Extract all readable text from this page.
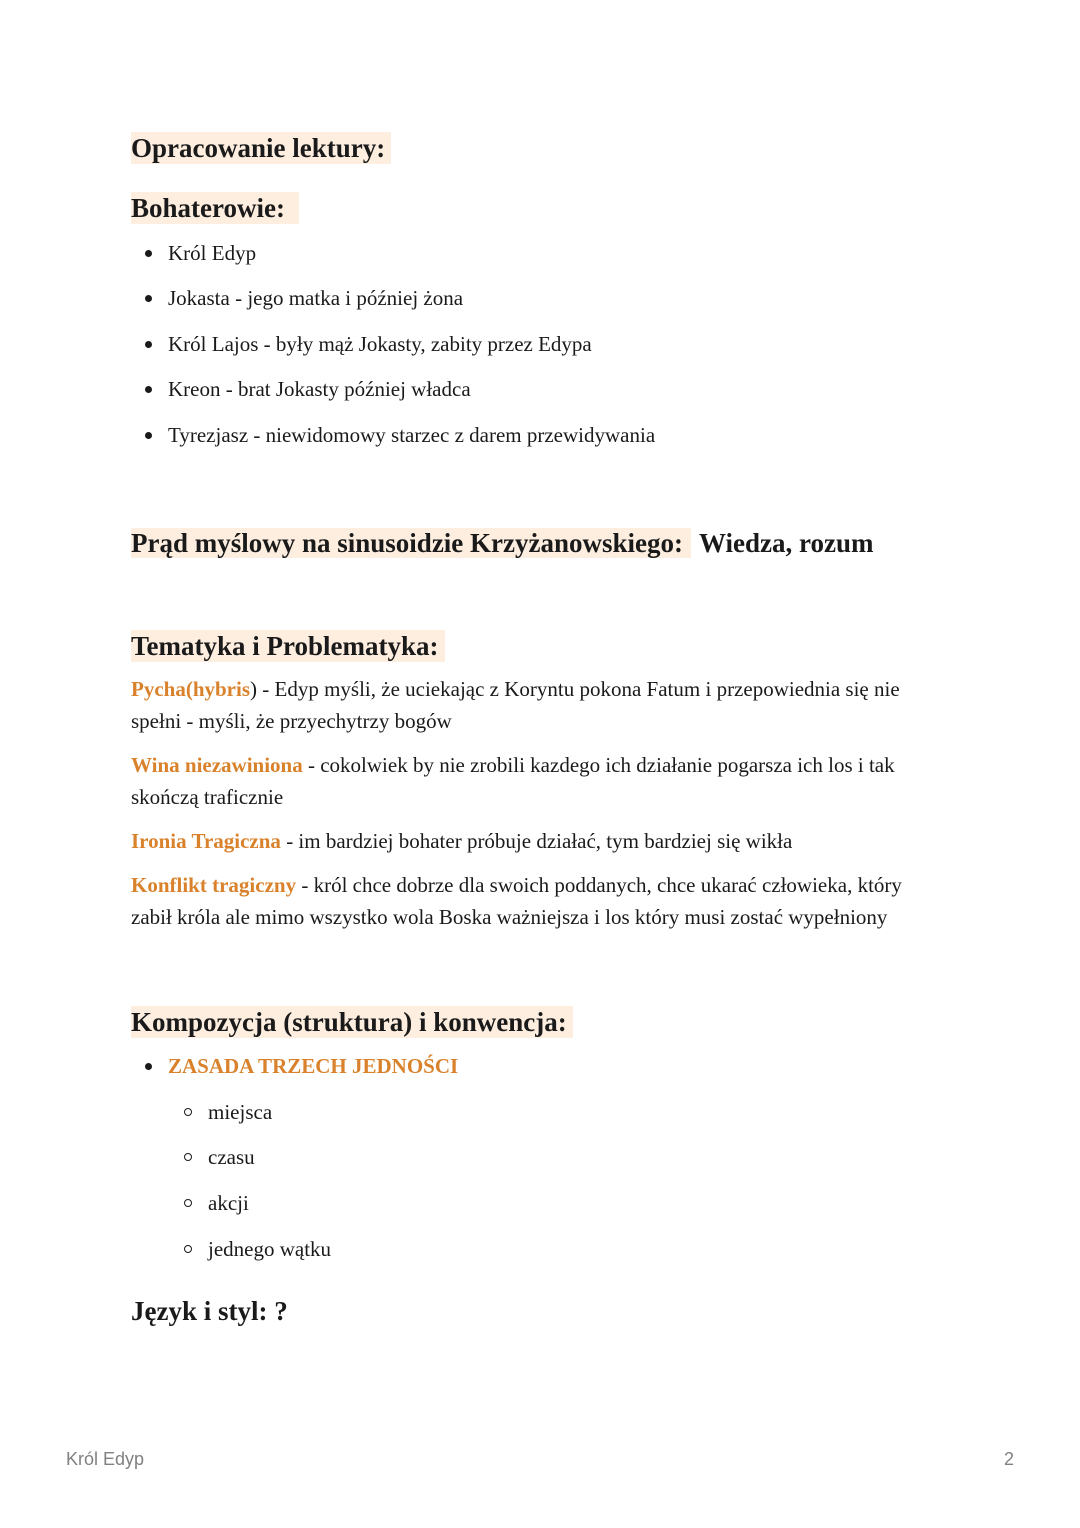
Opracowanie lektury:
Bohaterowie:
Król Edyp
Jokasta - jego matka i później żona
Król Lajos - były mąż Jokasty, zabity przez Edypa
Kreon - brat Jokasty później władca
Tyrezjasz - niewidomowy starzec z darem przewidywania
Prąd myślowy na sinusoidzie Krzyżanowskiego: Wiedza, rozum
Tematyka i Problematyka:
Pycha(hybris) - Edyp myśli, że uciekając z Koryntu pokona Fatum i przepowiednia się nie
spełni - myśli, że przyechytrzy bogów
Wina niezawiniona - cokolwiek by nie zrobili kazdego ich działanie pogarsza ich los i tak
skończą traficznie
Ironia Tragiczna - im bardziej bohater próbuje działać, tym bardziej się wikła
Konflikt tragiczny - król chce dobrze dla swoich poddanych, chce ukarać człowieka, który
zabił króla ale mimo wszystko wola Boska ważniejsza i los który musi zostać wypełniony
Kompozycja (struktura) i konwencja:
ZASADA TRZECH JEDNOŚCI
miejsca
czasu
akcji
jednego wątku
Język i styl: ?
Król Edyp	2
